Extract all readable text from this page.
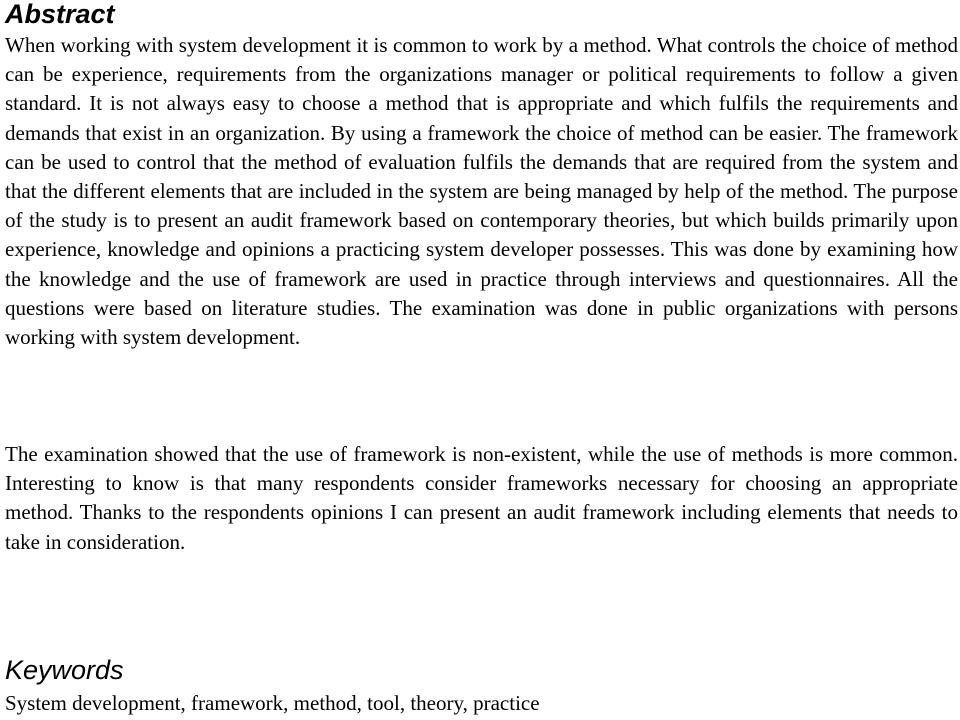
Abstract

When working with system development it is common to work by a method. What controls the choice of method can be experience, requirements from the organizations manager or political requirements to follow a given standard. It is not always easy to choose a method that is appropriate and which fulfils the requirements and demands that exist in an organization. By using a framework the choice of method can be easier. The framework can be used to control that the method of evaluation fulfils the demands that are required from the system and that the different elements that are included in the system are being managed by help of the method. The purpose of the study is to present an audit framework based on contemporary theories, but which builds primarily upon experience, knowledge and opinions a practicing system developer possesses. This was done by examining how the knowledge and the use of framework are used in practice through interviews and questionnaires. All the questions were based on literature studies. The examination was done in public organizations with persons working with system development.

The examination showed that the use of framework is non-existent, while the use of methods is more common. Interesting to know is that many respondents consider frameworks necessary for choosing an appropriate method. Thanks to the respondents opinions I can present an audit framework including elements that needs to take in consideration.

Keywords

System development, framework, method, tool, theory, practice
